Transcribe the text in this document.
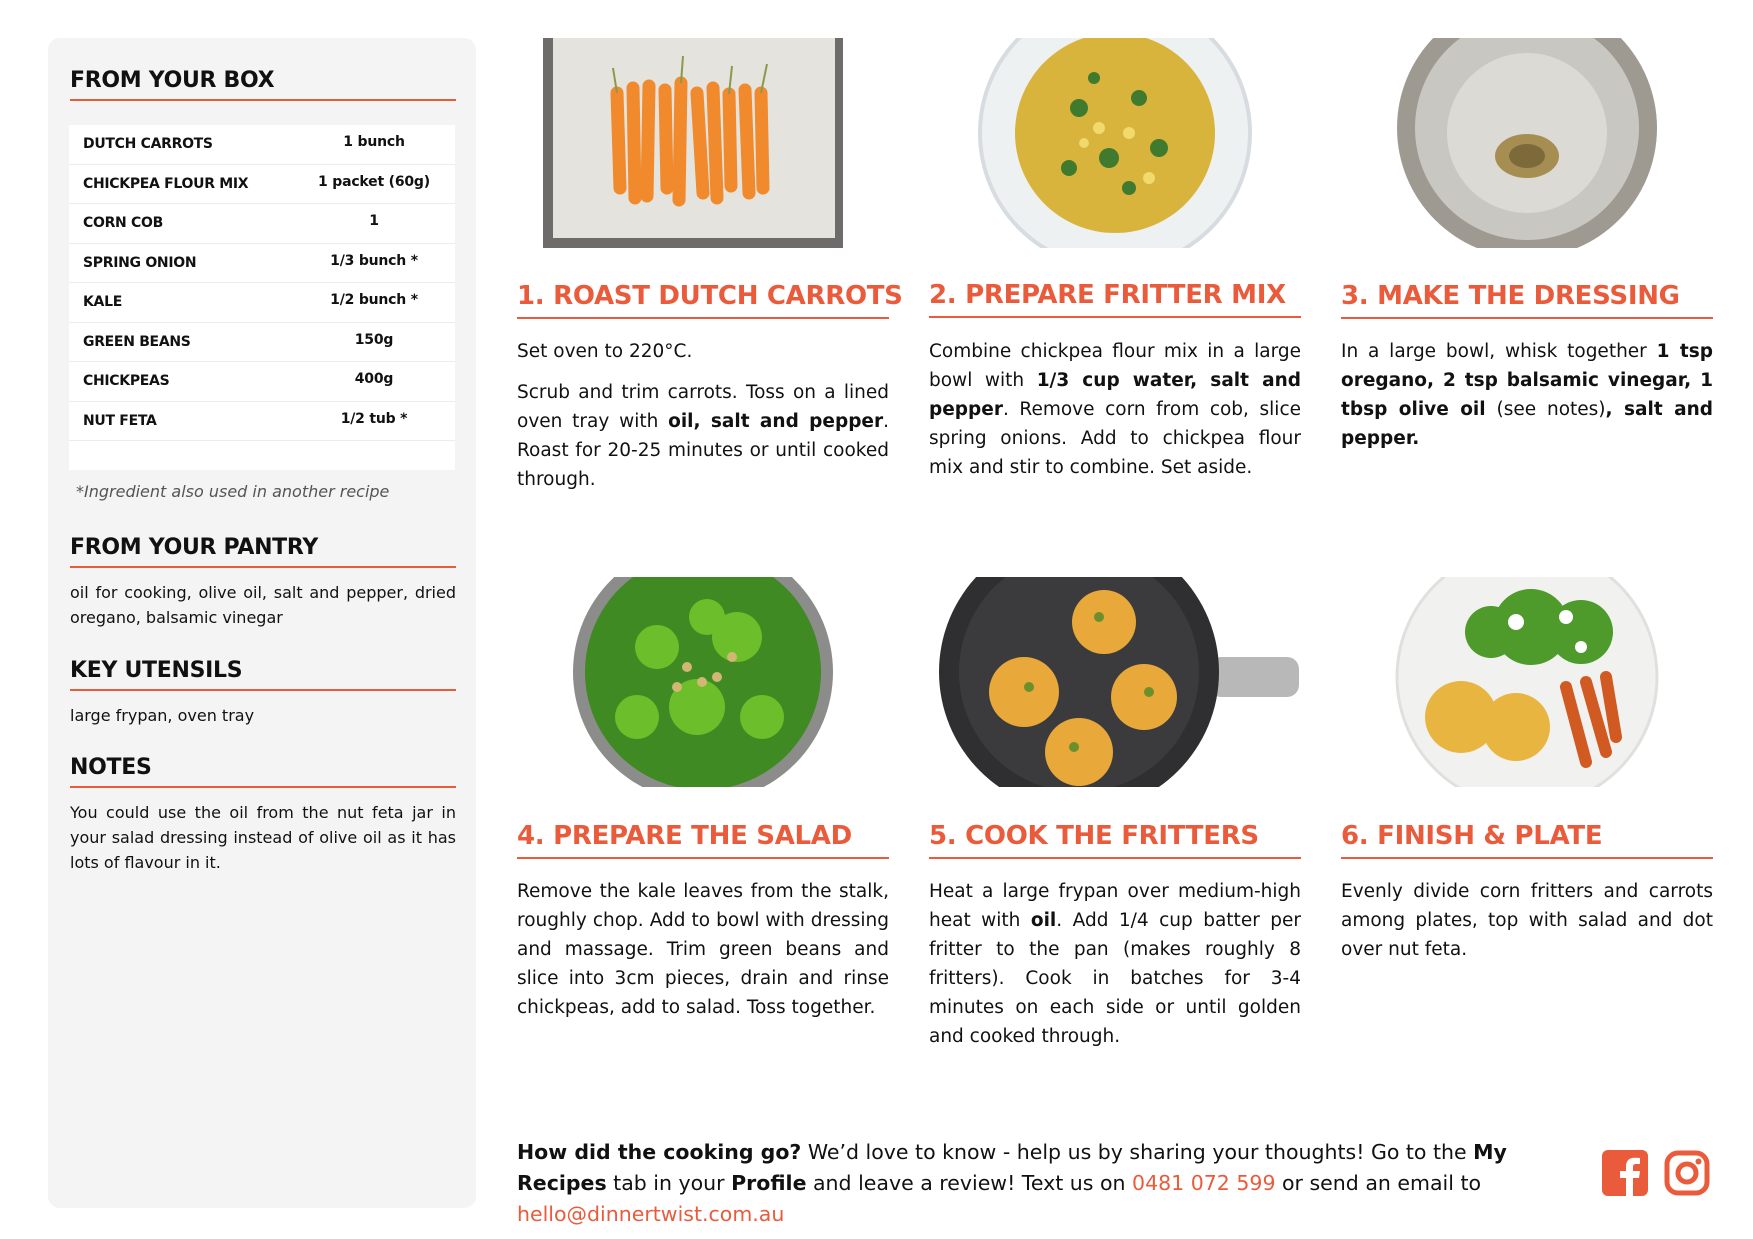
FROM YOUR BOX
DUTCH CARROTS	1 bunch
CHICKPEA FLOUR MIX	1 packet (60g)
CORN COB	1
SPRING ONION	1/3 bunch *
KALE	1/2 bunch *
GREEN BEANS	150g
CHICKPEAS	400g
NUT FETA	1/2 tub *
*Ingredient also used in another recipe
FROM YOUR PANTRY
oil for cooking, olive oil, salt and pepper, dried oregano, balsamic vinegar
KEY UTENSILS
large frypan, oven tray
NOTES
You could use the oil from the nut feta jar in your salad dressing instead of olive oil as it has lots of flavour in it.
1. ROAST DUTCH CARROTS 2. PREPARE FRITTER MIX	3. MAKE THE DRESSING
4. PREPARE THE SALAD	5. COOK THE FRITTERS	6. FINISH & PLATE

Set oven to 220°C.

Scrub and trim carrots. Toss on a lined oven tray with oil, salt and pepper. Roast for 20-25 minutes or until cooked through.

Combine chickpea flour mix in a large bowl with 1/3 cup water, salt and pepper. Remove corn from cob, slice spring onions. Add to chickpea flour mix and stir to combine. Set aside.

In a large bowl, whisk together 1 tsp oregano, 2 tsp balsamic vinegar, 1 tbsp olive oil (see notes), salt and pepper.

Remove the kale leaves from the stalk, roughly chop. Add to bowl with dressing and massage. Trim green beans and slice into 3cm pieces, drain and rinse chickpeas, add to salad. Toss together.

Heat a large frypan over medium-high heat with oil. Add 1/4 cup batter per fritter to the pan (makes roughly 8 fritters). Cook in batches for 3-4 minutes on each side or until golden and cooked through.

Evenly divide corn fritters and carrots among plates, top with salad and dot over nut feta.

How did the cooking go? We’d love to know - help us by sharing your thoughts! Go to the My Recipes tab in your Profile and leave a review! Text us on 0481 072 599 or send an email to hello@dinnertwist.com.au
